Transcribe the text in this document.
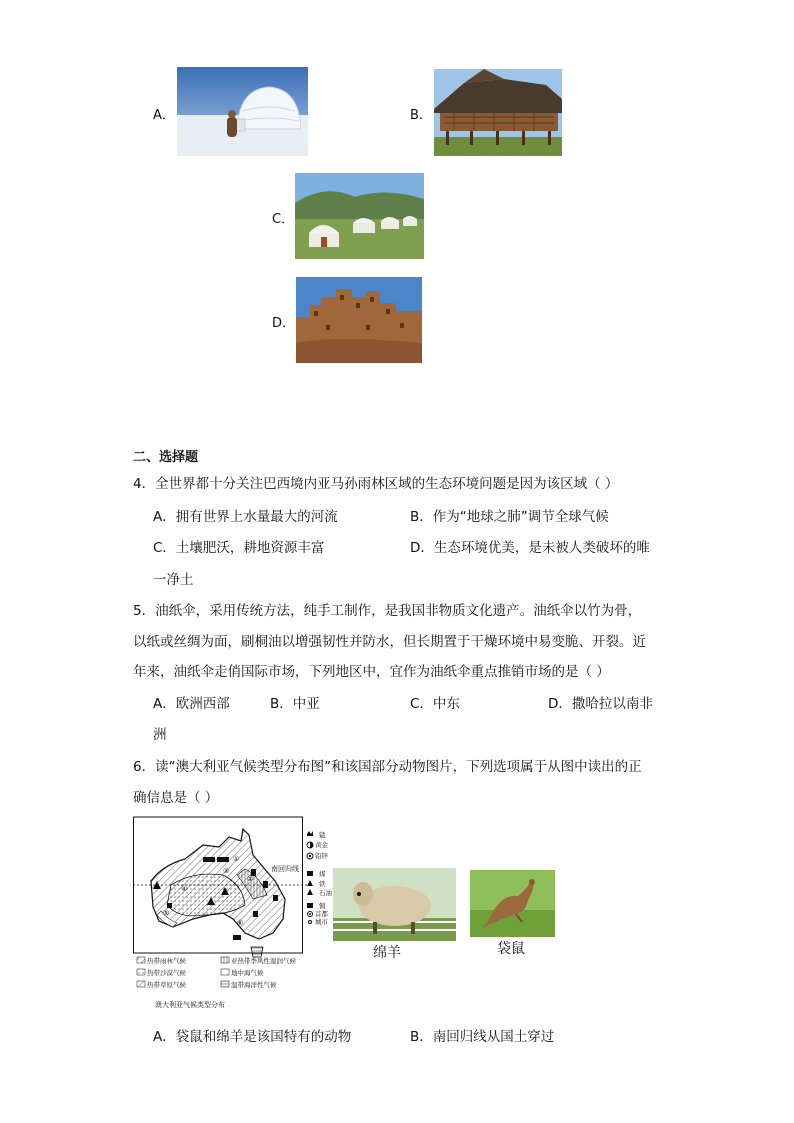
A．	B．
C．
D．
二、选择题
4．全世界都十分关注巴西境内亚马孙雨林区域的生态环境问题是因为该区域（ ）
A．拥有世界上水量最大的河流	B．作为“地球之肺”调节全球气候
C．土壤肥沃，耕地资源丰富	D．生态环境优美，是未被人类破坏的唯
一净土
5．油纸伞，采用传统方法，纯手工制作，是我国非物质文化遗产。油纸伞以竹为骨，
以纸或丝绸为面，刷桐油以增强韧性并防水，但长期置于干燥环境中易变脆、开裂。近
年来，油纸伞走俏国际市场，下列地区中，宜作为油纸伞重点推销市场的是（ ）
A．欧洲西部	B．中亚	C．中东	D．撒哈拉以南非
洲
6．读“澳大利亚气候类型分布图”和该国部分动物图片，下列选项属于从图中读出的正
确信息是（ ）
①
②
③
④
⑤
⑥
南回归线
热带雨林气候	亚热带季风性湿润气候
热带沙漠气候	地中海气候
热带草原气候	温带海洋性气候
澳大利亚气候类型分布
锰
黄金
铅锌
煤
铁
石油
铜
首都
城市
绵羊	袋鼠
A．袋鼠和绵羊是该国特有的动物	B．南回归线从国土穿过
